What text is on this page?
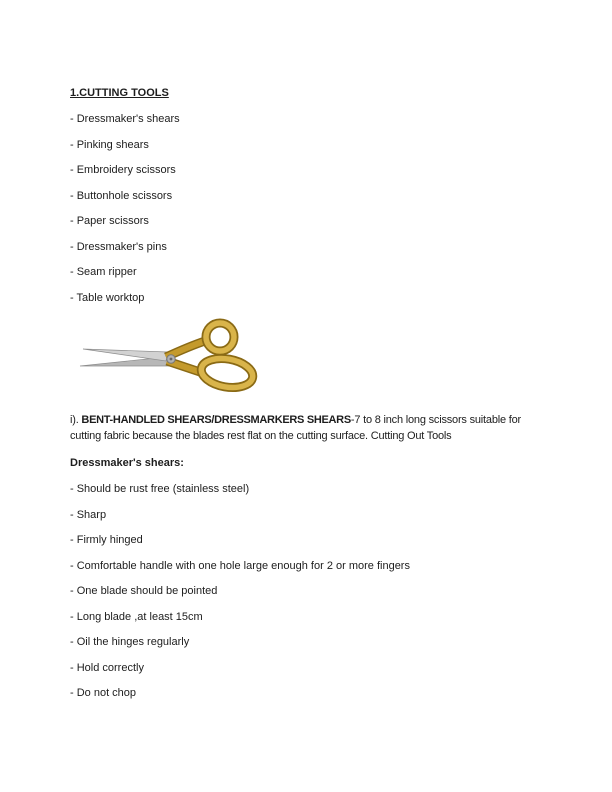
1.CUTTING TOOLS

- Dressmaker's shears

- Pinking shears

- Embroidery scissors

- Buttonhole scissors

- Paper scissors

- Dressmaker's pins

- Seam ripper

- Table worktop

i). BENT-HANDLED SHEARS/DRESSMARKERS SHEARS-7 to 8 inch long scissors suitable for cutting fabric because the blades rest flat on the cutting surface. Cutting Out Tools

Dressmaker's shears:

- Should be rust free (stainless steel)

- Sharp

- Firmly hinged

- Comfortable handle with one hole large enough for 2 or more fingers

- One blade should be pointed

- Long blade ,at least 15cm

- Oil the hinges regularly

- Hold correctly

- Do not chop
